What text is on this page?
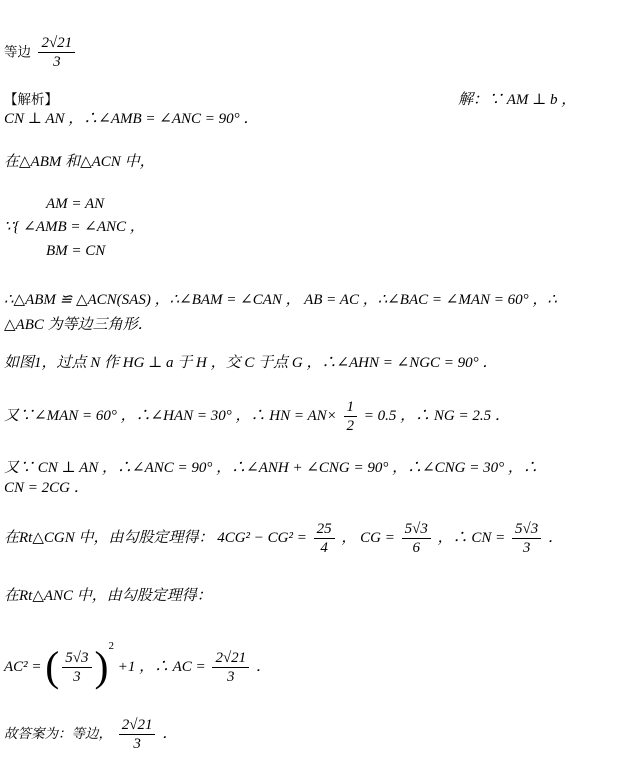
等边 $\frac{2√21}{3}$
【解析】	解：∵ AM ⊥ b ，
CN ⊥ AN ，∴∠AMB = ∠ANC = 90° ．
在△ABM 和△ACN 中，
AM = AN
∵{ ∠AMB = ∠ANC ，
BM = CN
∴△ABM ≌ △ACN(SAS) ，∴∠BAM = ∠CAN ， AB = AC ，∴∠BAC = ∠MAN = 60° ，∴
△ABC 为等边三角形．
如图1，过点 N 作 HG ⊥ a 于 H ，交 C 于点 G ，∴∠AHN = ∠NGC = 90° ．
又∵∠MAN = 60° ，∴∠HAN = 30° ，∴ HN = $AN\times \frac{1}{2} = 0.5$ ，∴ NG = 2.5 ．
又∵ CN ⊥ AN ，∴∠ANC = 90° ，∴∠ANH + ∠CNG = 90° ，∴∠CNG = 30° ，∴
CN = 2CG ．
在Rt△CGN 中，由勾股定理得： $4CG^2 - CG^2 = \frac{25}{4}$ ， CG = $\frac{5√3}{6}$ ，∴ CN = $\frac{5√3}{3}$ ．
在Rt△ANC 中，由勾股定理得：
AC² = ( $\frac{5√3}{3} )^2 +1$ ，∴ AC = $\frac{2√21}{3}$ ．
故答案为：等边， $\frac{2√21}{3}$ ．
